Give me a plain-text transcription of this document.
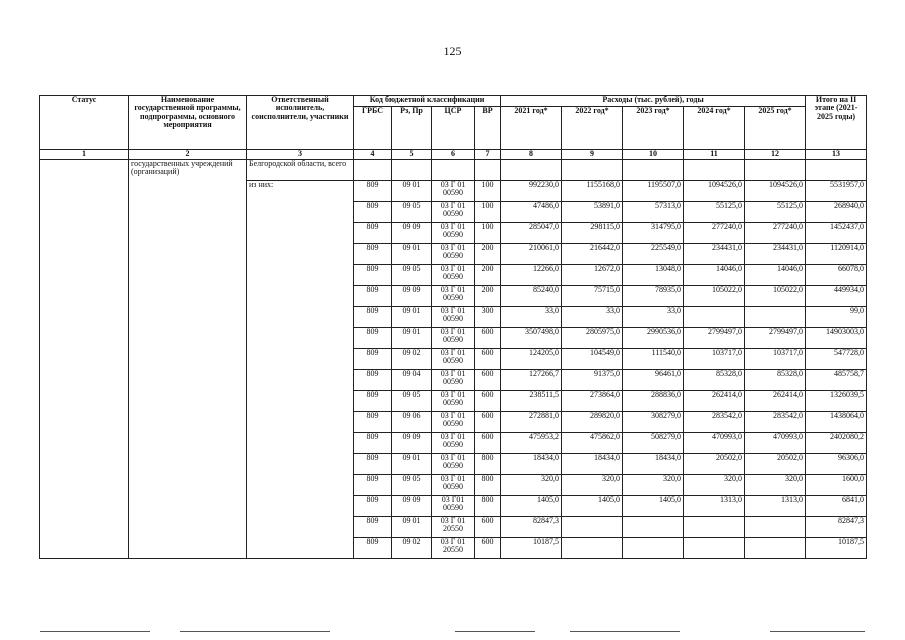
125
Статус	Наименование государственной программы, подпрограммы, основного мероприятия	Ответственный исполнитель, соисполнители, участники	Код бюджетной классификации				Расходы (тыс. рублей), годы					Итого на II этапе (2021-2025 годы)
			ГРБС	Рз, Пр	ЦСР	ВР	2021 год*	2022 год*	2023 год*	2024 год*	2025 год*	
1	2	3	4	5	6	7	8	9	10	11	12	13
	государственных учреждений (организаций)	Белгородской области, всего										
		из них:	809	09 01	03 Г 01 00590	100	992230,0	1155168,0	1195507,0	1094526,0	1094526,0	5531957,0
			809	09 05	03 Г 01 00590	100	47486,0	53891,0	57313,0	55125,0	55125,0	268940,0
			809	09 09	03 Г 01 00590	100	285047,0	298115,0	314795,0	277240,0	277240,0	1452437,0
			809	09 01	03 Г 01 00590	200	210061,0	216442,0	225549,0	234431,0	234431,0	1120914,0
			809	09 05	03 Г 01 00590	200	12266,0	12672,0	13048,0	14046,0	14046,0	66078,0
			809	09 09	03 Г 01 00590	200	85240,0	75715,0	78935,0	105022,0	105022,0	449934,0
			809	09 01	03 Г 01 00590	300	33,0	33,0	33,0			99,0
			809	09 01	03 Г 01 00590	600	3507498,0	2805975,0	2990536,0	2799497,0	2799497,0	14903003,0
			809	09 02	03 Г 01 00590	600	124205,0	104549,0	111540,0	103717,0	103717,0	547728,0
			809	09 04	03 Г 01 00590	600	127266,7	91375,0	96461,0	85328,0	85328,0	485758,7
			809	09 05	03 Г 01 00590	600	238511,5	273864,0	288836,0	262414,0	262414,0	1326039,5
			809	09 06	03 Г 01 00590	600	272881,0	289820,0	308279,0	283542,0	283542,0	1438064,0
			809	09 09	03 Г 01 00590	600	475953,2	475862,0	508279,0	470993,0	470993,0	2402080,2
			809	09 01	03 Г 01 00590	800	18434,0	18434,0	18434,0	20502,0	20502,0	96306,0
			809	09 05	03 Г 01 00590	800	320,0	320,0	320,0	320,0	320,0	1600,0
			809	09 09	03 Г01 00590	800	1405,0	1405,0	1405,0	1313,0	1313,0	6841,0
			809	09 01	03 Г 01 20550	600	82847,3					82847,3
			809	09 02	03 Г 01 20550	600	10187,5					10187,5
